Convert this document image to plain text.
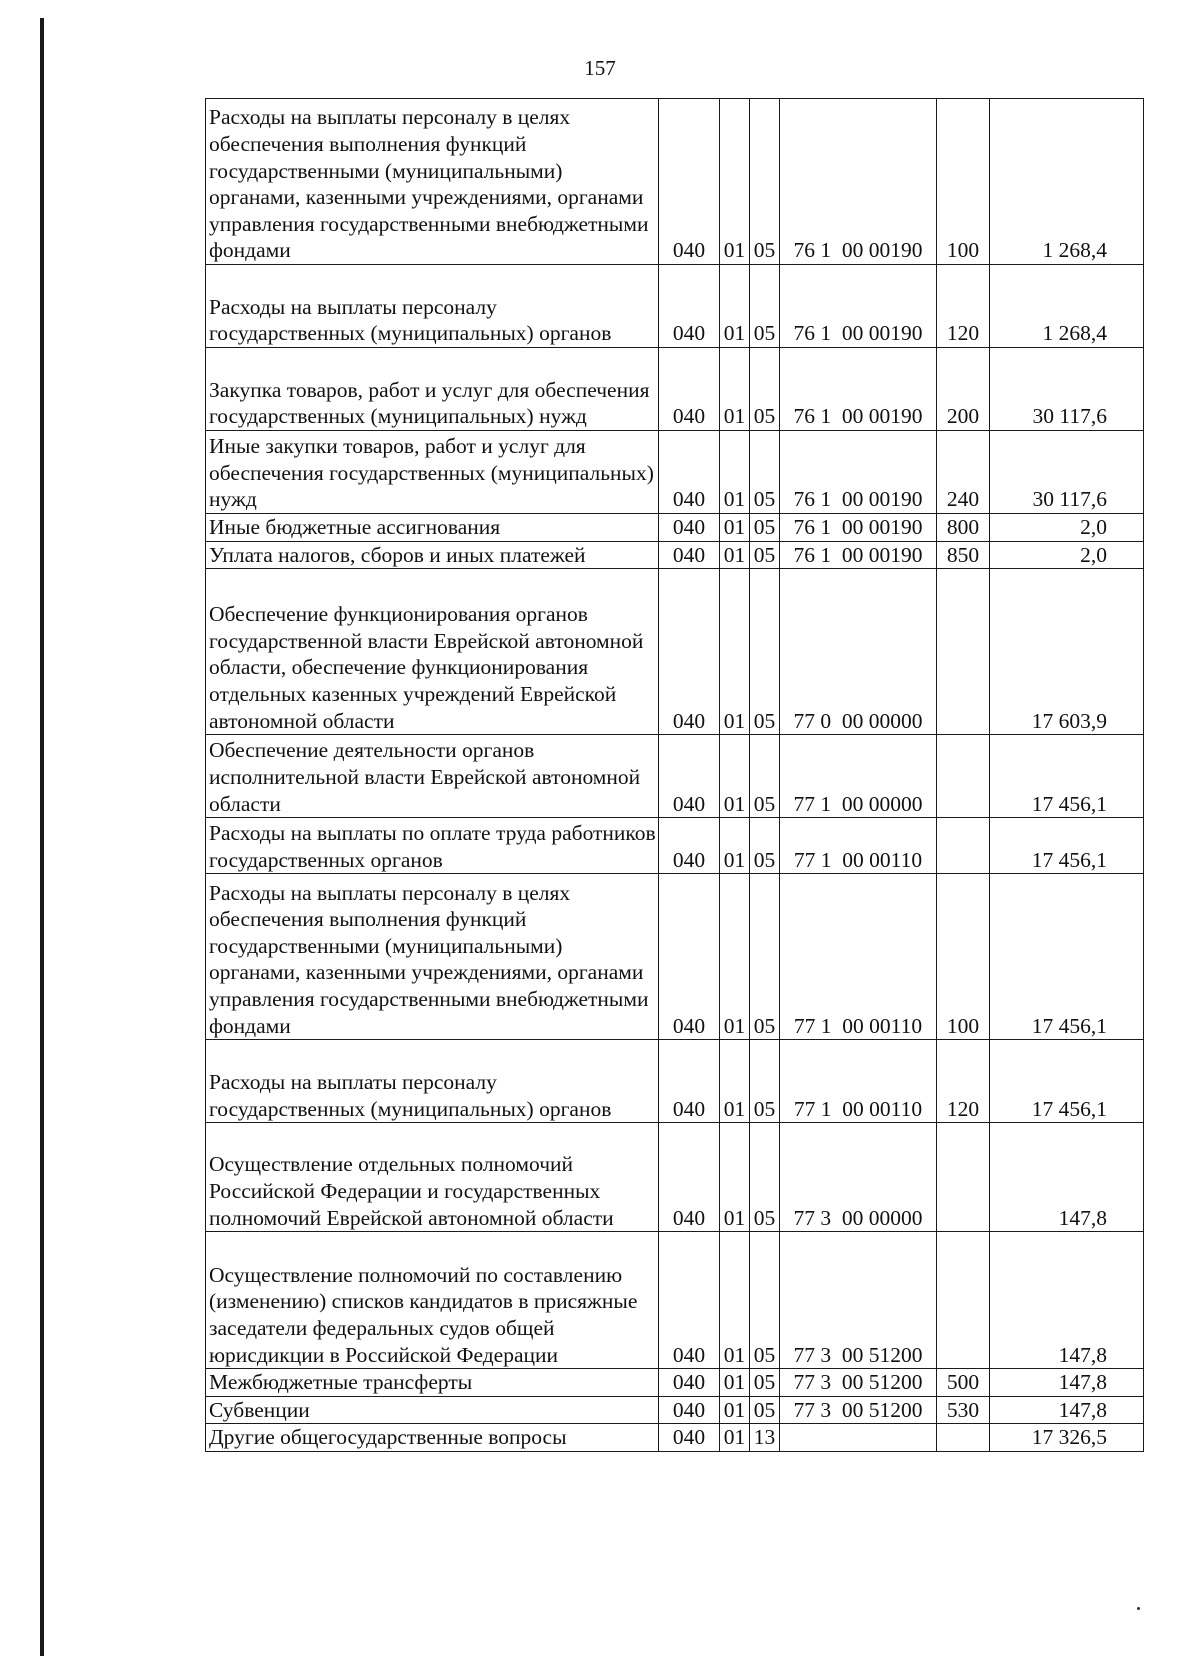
157
Расходы на выплаты персоналу в целях обеспечения выполнения функций государственными (муниципальными) органами, казенными учреждениями, органами управления государственными внебюджетными фондами	040	01	05	76 1  00 00190	100	1 268,4
Расходы на выплаты персоналу государственных (муниципальных) органов	040	01	05	76 1  00 00190	120	1 268,4
Закупка товаров, работ и услуг для обеспечения государственных (муниципальных) нужд	040	01	05	76 1  00 00190	200	30 117,6
Иные закупки товаров, работ и услуг для обеспечения государственных (муниципальных) нужд	040	01	05	76 1  00 00190	240	30 117,6
Иные бюджетные ассигнования	040	01	05	76 1  00 00190	800	2,0
Уплата налогов, сборов и иных платежей	040	01	05	76 1  00 00190	850	2,0
Обеспечение функционирования органов государственной власти Еврейской автономной области, обеспечение функционирования отдельных казенных учреждений Еврейской автономной области	040	01	05	77 0  00 00000		17 603,9
Обеспечение деятельности органов исполнительной власти Еврейской автономной области	040	01	05	77 1  00 00000		17 456,1
Расходы на выплаты по оплате труда работников государственных органов	040	01	05	77 1  00 00110		17 456,1
Расходы на выплаты персоналу в целях обеспечения выполнения функций государственными (муниципальными) органами, казенными учреждениями, органами управления государственными внебюджетными фондами	040	01	05	77 1  00 00110	100	17 456,1
Расходы на выплаты персоналу государственных (муниципальных) органов	040	01	05	77 1  00 00110	120	17 456,1
Осуществление отдельных полномочий Российской Федерации и государственных полномочий Еврейской автономной области	040	01	05	77 3  00 00000		147,8
Осуществление полномочий по составлению (изменению) списков кандидатов в присяжные заседатели федеральных судов общей юрисдикции в Российской Федерации	040	01	05	77 3  00 51200		147,8
Межбюджетные трансферты	040	01	05	77 3  00 51200	500	147,8
Субвенции	040	01	05	77 3  00 51200	530	147,8
Другие общегосударственные вопросы	040	01	13			17 326,5
